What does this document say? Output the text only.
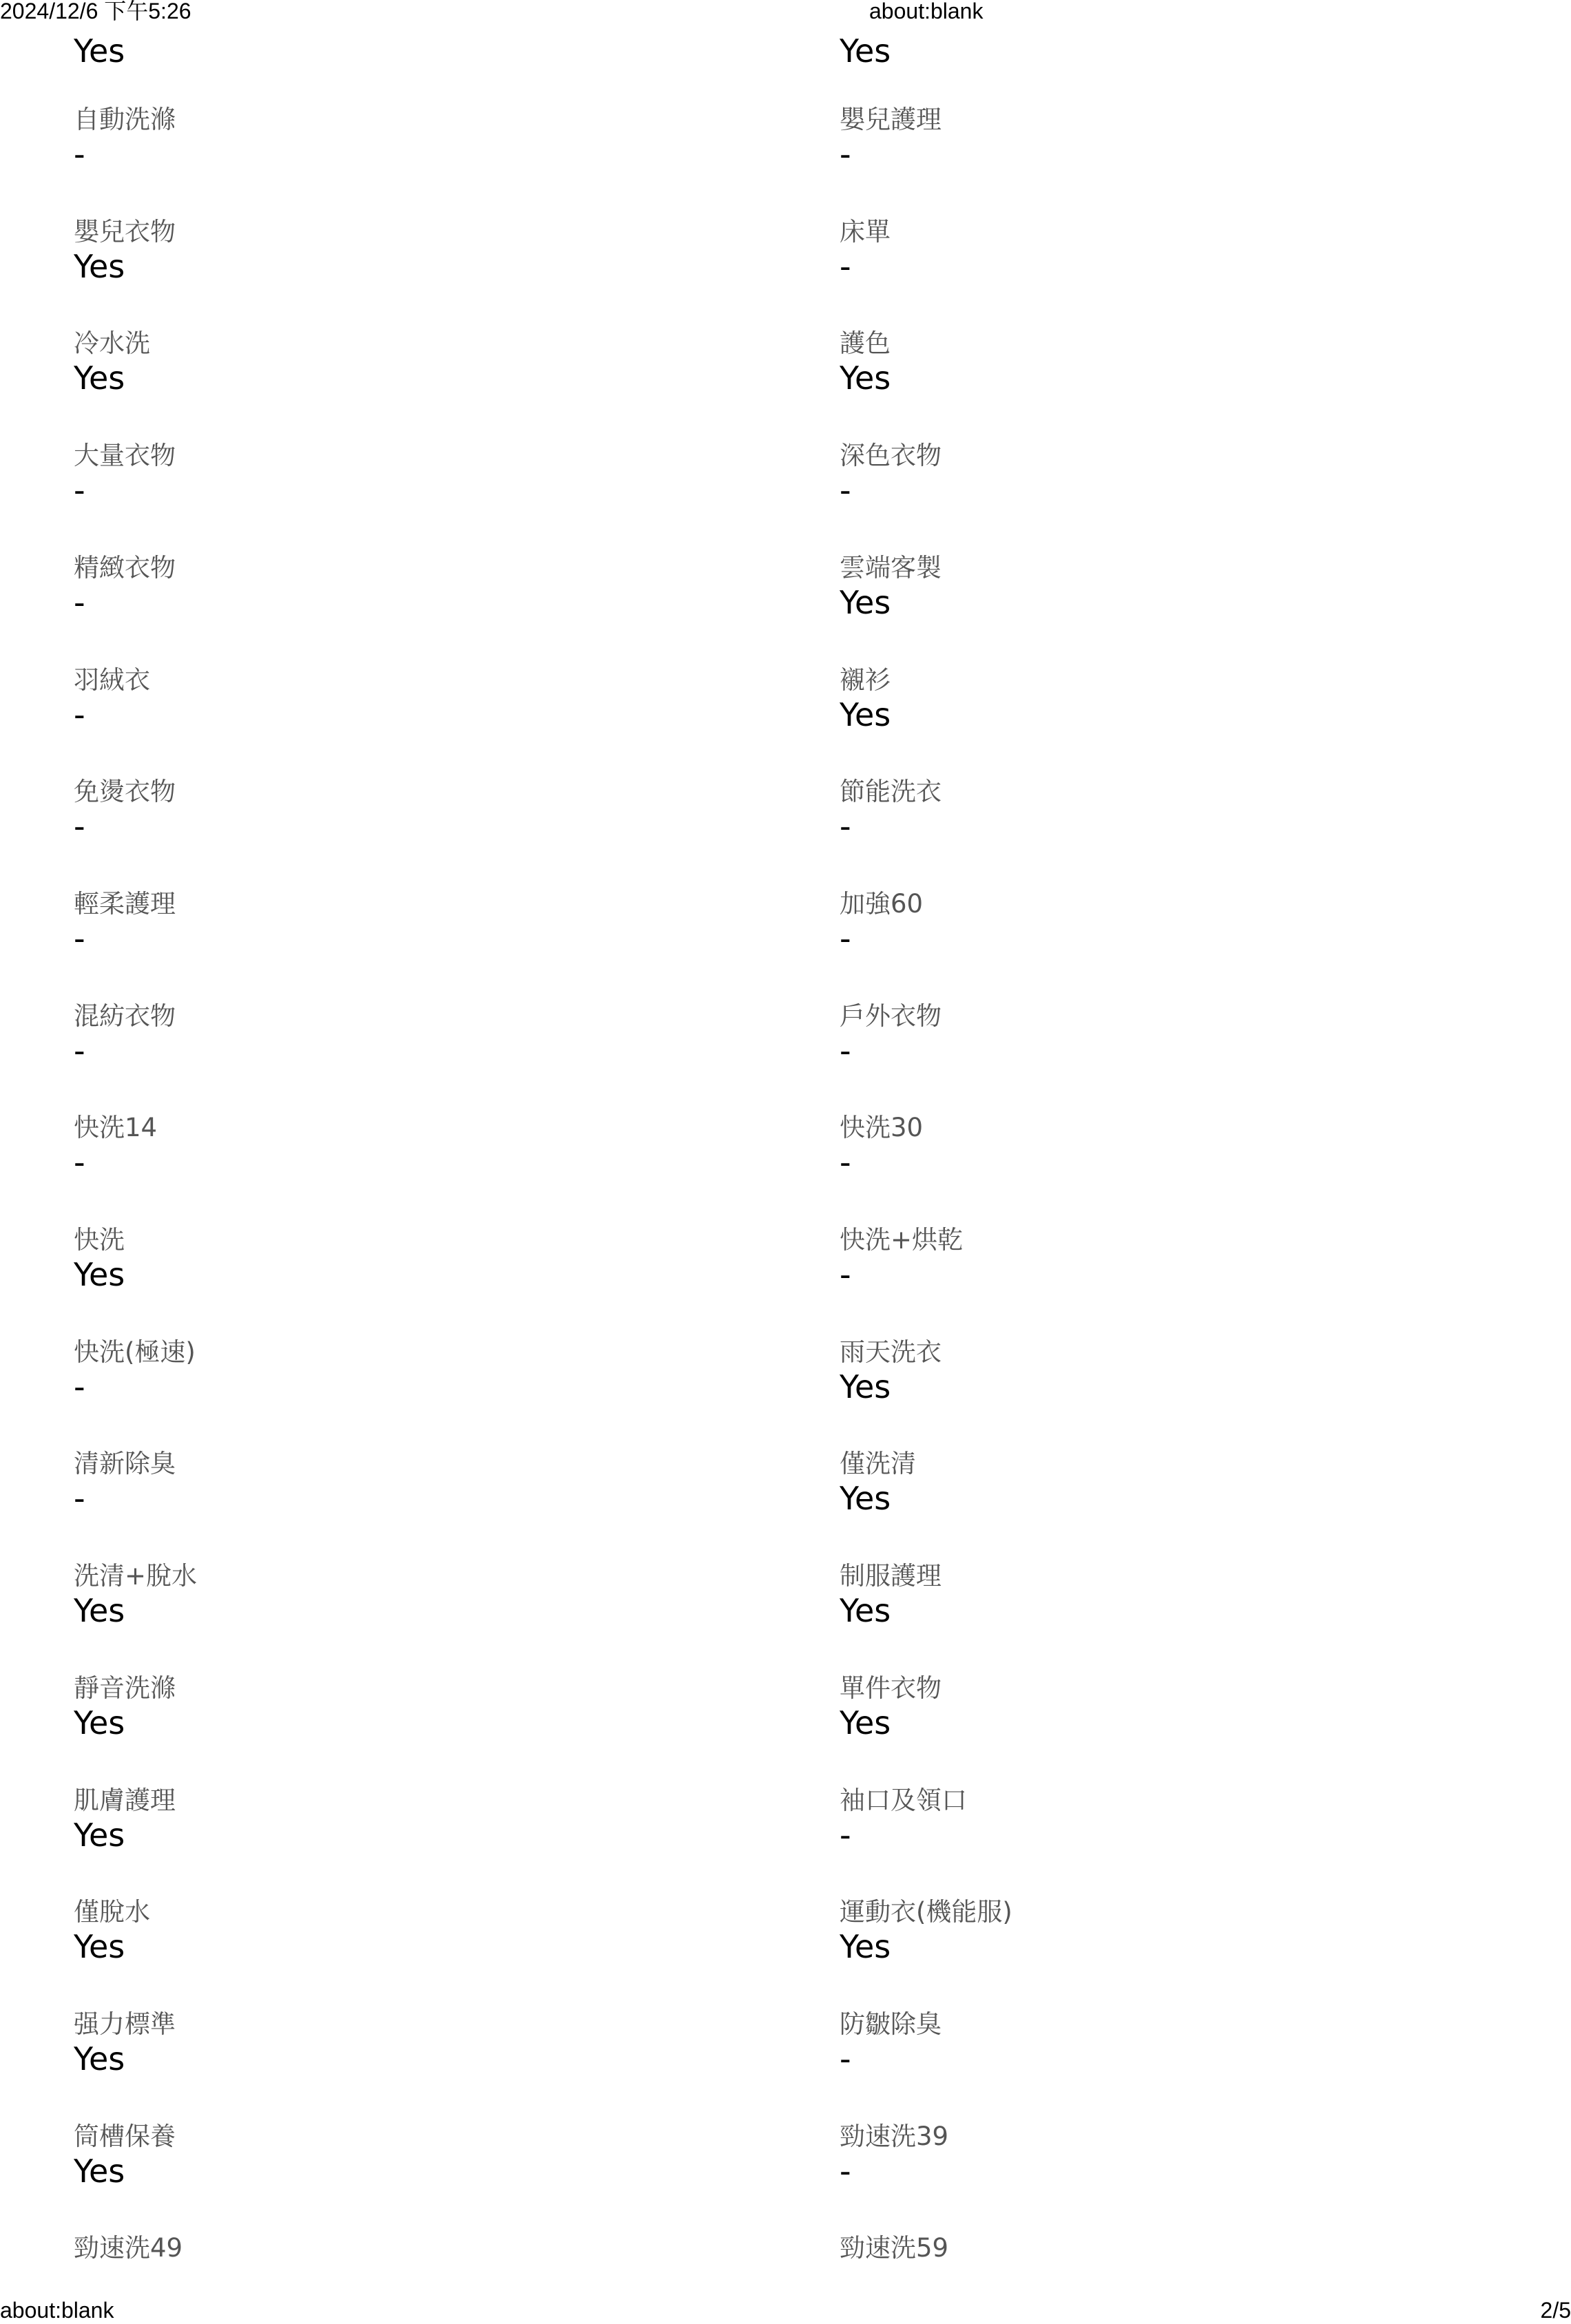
2024/12/6 下午5:26	about:blank
Yes
自動洗滌
-
嬰兒衣物
Yes
冷水洗
Yes
大量衣物
-
精緻衣物
-
羽絨衣
-
免燙衣物
-
輕柔護理
-
混紡衣物
-
快洗14
-
快洗
Yes
快洗(極速)
-
清新除臭
-
洗清+脫水
Yes
靜音洗滌
Yes
肌膚護理
Yes
僅脫水
Yes
强力標準
Yes
筒槽保養
Yes
勁速洗49
Yes
嬰兒護理
-
床單
-
護色
Yes
深色衣物
-
雲端客製
Yes
襯衫
Yes
節能洗衣
-
加強60
-
戶外衣物
-
快洗30
-
快洗+烘乾
-
雨天洗衣
Yes
僅洗清
Yes
制服護理
Yes
單件衣物
Yes
袖口及領口
-
運動衣(機能服)
Yes
防皺除臭
-
勁速洗39
-
勁速洗59
about:blank	2/5
